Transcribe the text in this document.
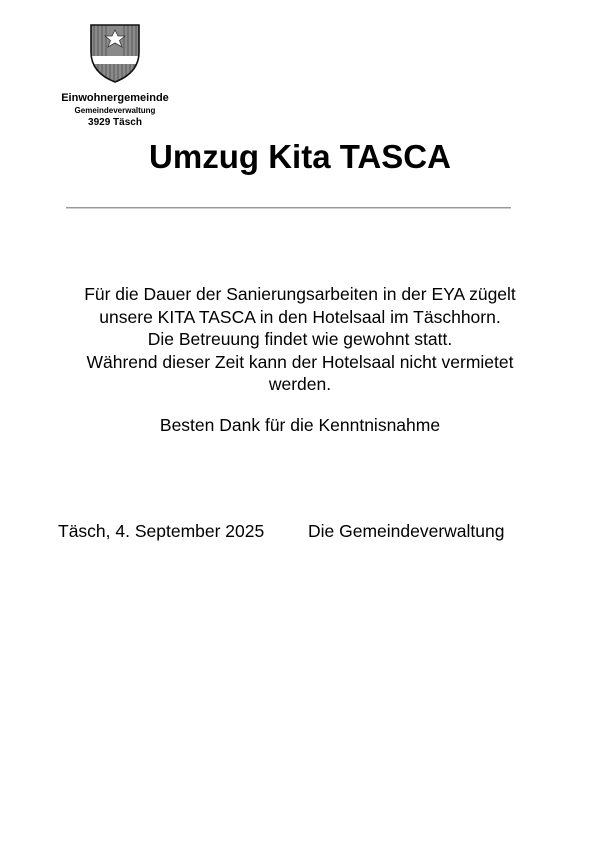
Einwohnergemeinde
Gemeindeverwaltung
3929 Täsch
Umzug Kita TASCA
Für die Dauer der Sanierungsarbeiten in der EYA zügelt
unsere KITA TASCA in den Hotelsaal im Täschhorn.
Die Betreuung findet wie gewohnt statt.
Während dieser Zeit kann der Hotelsaal nicht vermietet
werden.
Besten Dank für die Kenntnisnahme
Täsch, 4. September 2025	Die Gemeindeverwaltung
